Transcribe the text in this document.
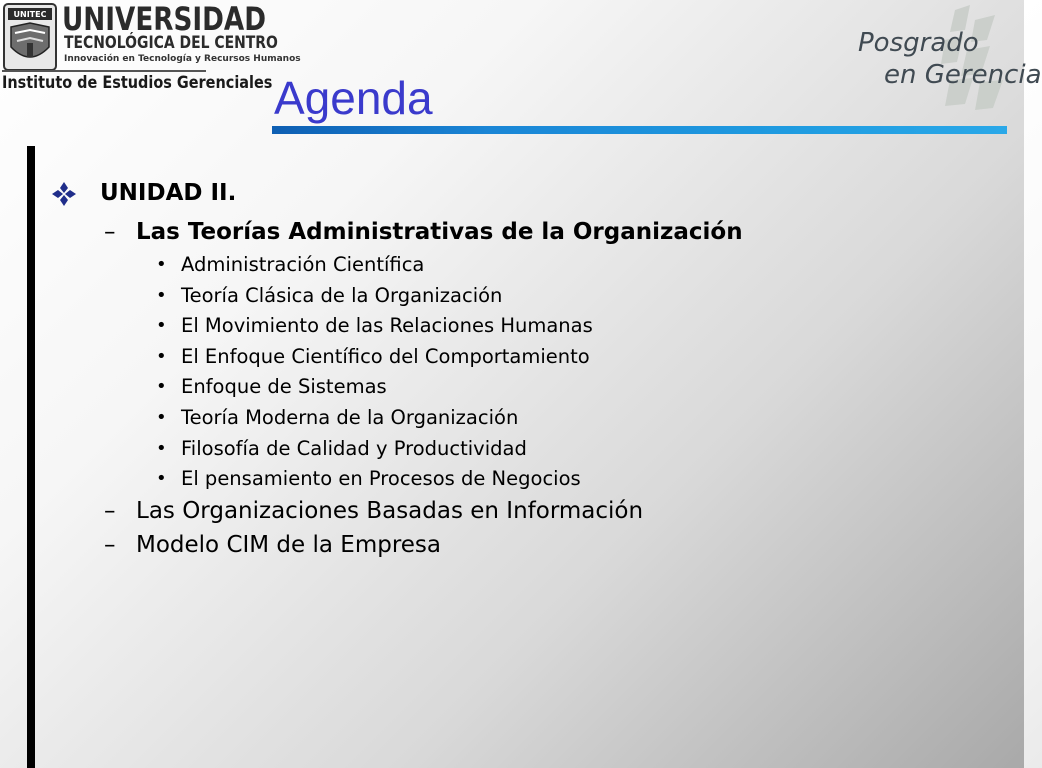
UNITEC UNIVERSIDAD
TECNOLÓGICA DEL CENTRO
Innovación en Tecnología y Recursos Humanos
Instituto de Estudios Gerenciales
Posgrado
en Gerencia
Agenda
UNIDAD II.
– Las Teorías Administrativas de la Organización
• Administración Científica
• Teoría Clásica de la Organización
• El Movimiento de las Relaciones Humanas
• El Enfoque Científico del Comportamiento
• Enfoque de Sistemas
• Teoría Moderna de la Organización
• Filosofía de Calidad y Productividad
• El pensamiento en Procesos de Negocios
– Las Organizaciones Basadas en Información
– Modelo CIM de la Empresa
